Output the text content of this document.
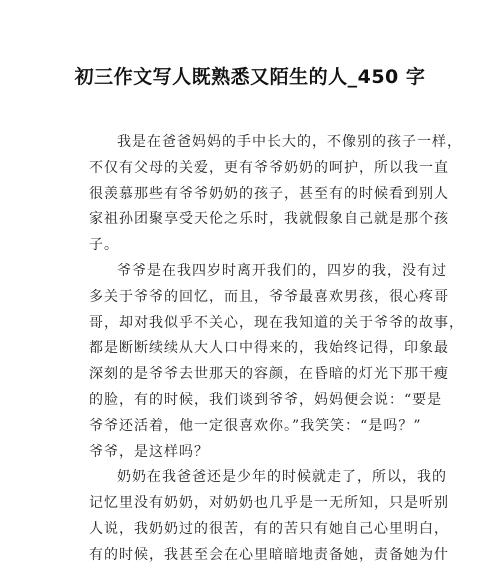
初三作文写人既熟悉又陌生的人_450 字
我是在爸爸妈妈的手中长大的，不像别的孩子一样，
不仅有父母的关爱，更有爷爷奶奶的呵护，所以我一直
很羡慕那些有爷爷奶奶的孩子，甚至有的时候看到别人
家祖孙团聚享受天伦之乐时，我就假象自己就是那个孩
子。
爷爷是在我四岁时离开我们的，四岁的我，没有过
多关于爷爷的回忆，而且，爷爷最喜欢男孩，很心疼哥
哥，却对我似乎不关心，现在我知道的关于爷爷的故事，
都是断断续续从大人口中得来的，我始终记得，印象最
深刻的是爷爷去世那天的容颜，在昏暗的灯光下那干瘦
的脸，有的时候，我们谈到爷爷，妈妈便会说：“要是
爷爷还活着，他一定很喜欢你。”我笑笑：“是吗？”
爷爷，是这样吗？
奶奶在我爸爸还是少年的时候就走了，所以，我的
记忆里没有奶奶，对奶奶也几乎是一无所知，只是听别
人说，我奶奶过的很苦，有的苦只有她自己心里明白，
有的时候，我甚至会在心里暗暗地责备她，责备她为什
